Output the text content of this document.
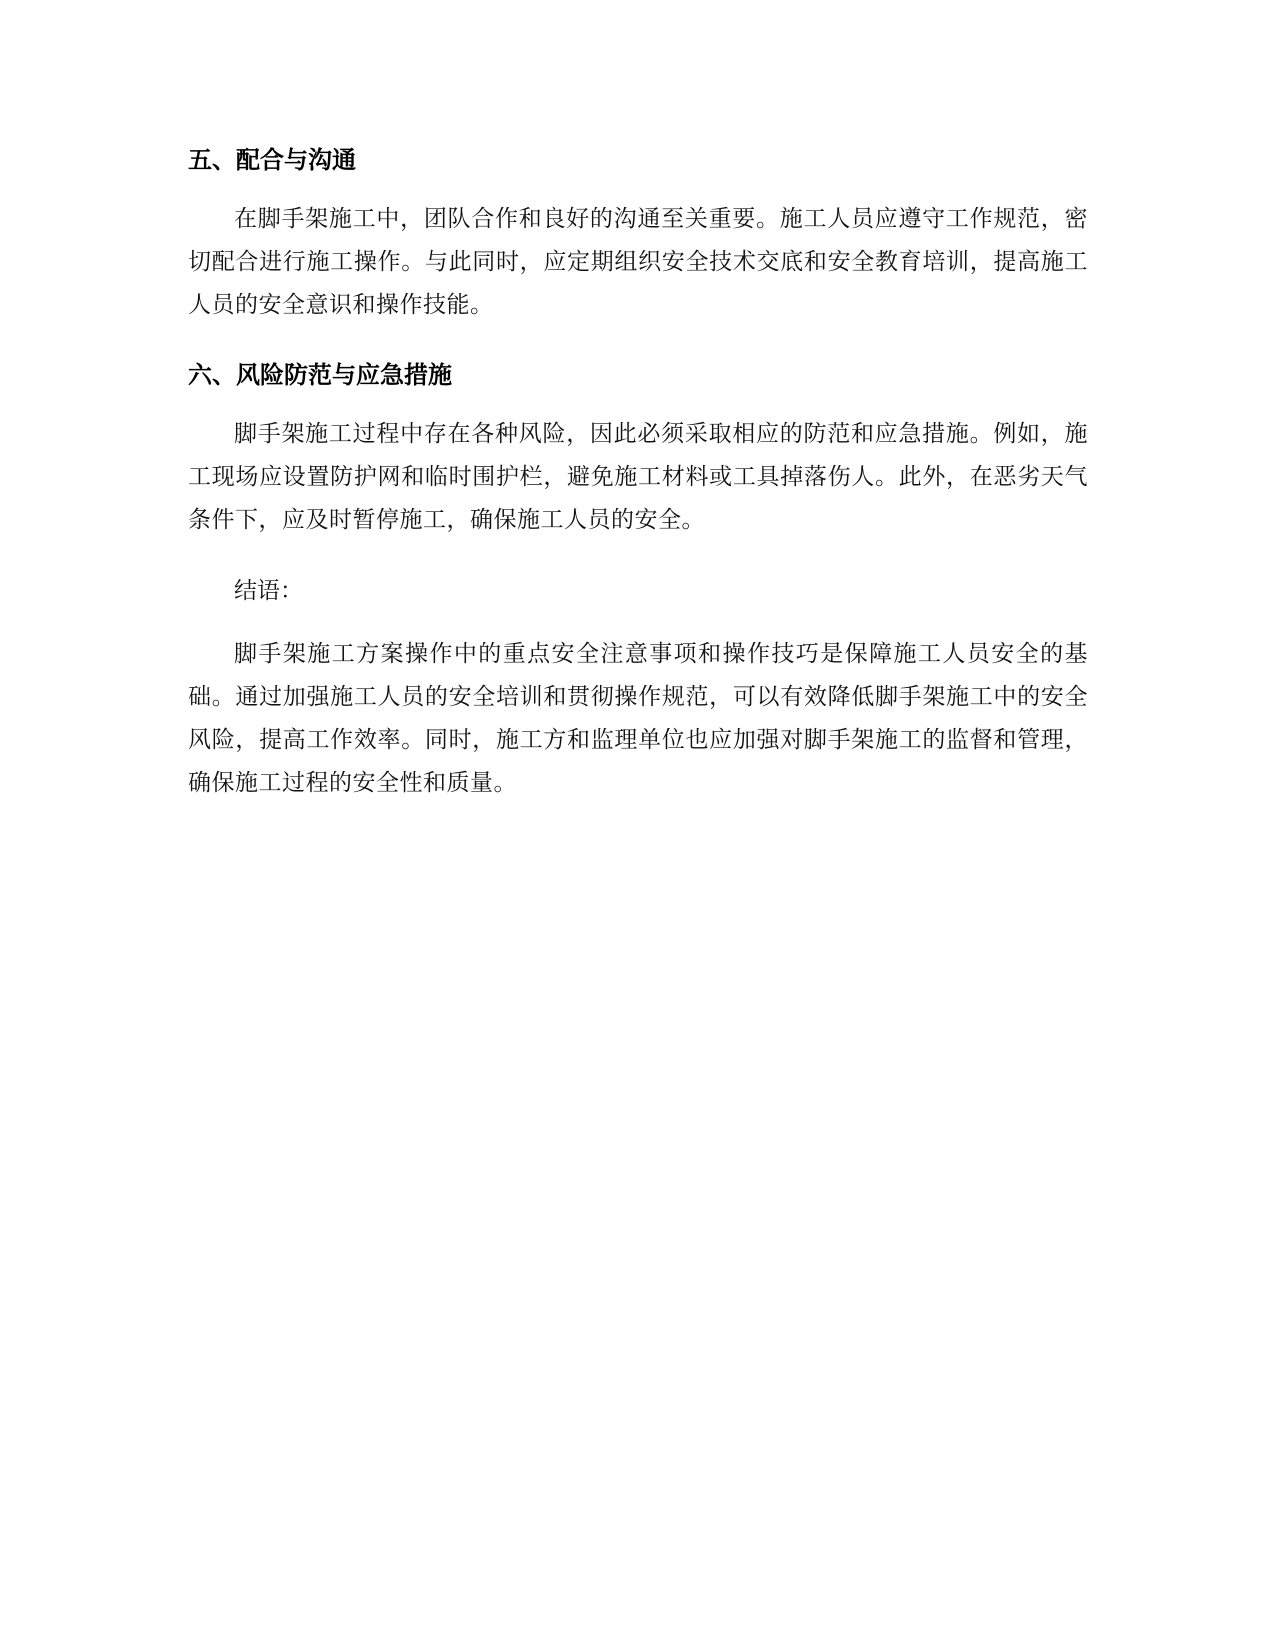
五、配合与沟通

在脚手架施工中，团队合作和良好的沟通至关重要。施工人员应遵守工作规范，密切配合进行施工操作。与此同时，应定期组织安全技术交底和安全教育培训，提高施工人员的安全意识和操作技能。

六、风险防范与应急措施

脚手架施工过程中存在各种风险，因此必须采取相应的防范和应急措施。例如，施工现场应设置防护网和临时围护栏，避免施工材料或工具掉落伤人。此外，在恶劣天气条件下，应及时暂停施工，确保施工人员的安全。

结语：

脚手架施工方案操作中的重点安全注意事项和操作技巧是保障施工人员安全的基础。通过加强施工人员的安全培训和贯彻操作规范，可以有效降低脚手架施工中的安全风险，提高工作效率。同时，施工方和监理单位也应加强对脚手架施工的监督和管理，确保施工过程的安全性和质量。
